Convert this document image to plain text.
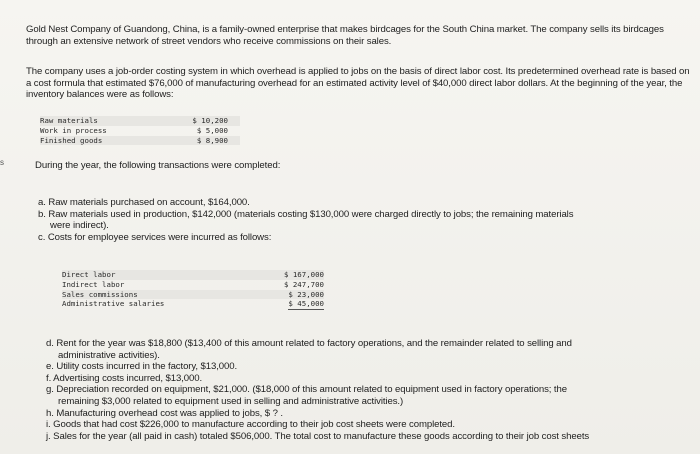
Gold Nest Company of Guandong, China, is a family-owned enterprise that makes birdcages for the South China market. The company sells its birdcages through an extensive network of street vendors who receive commissions on their sales.

The company uses a job-order costing system in which overhead is applied to jobs on the basis of direct labor cost. Its predetermined overhead rate is based on a cost formula that estimated $76,000 of manufacturing overhead for an estimated activity level of $40,000 direct labor dollars. At the beginning of the year, the inventory balances were as follows:

Raw materials	$ 10,200
Work in process	$ 5,000
Finished goods	$ 8,900
s	During the year, the following transactions were completed:

a. Raw materials purchased on account, $164,000.
b. Raw materials used in production, $142,000 (materials costing $130,000 were charged directly to jobs; the remaining materials
were indirect).
c. Costs for employee services were incurred as follows:
Direct labor	$ 167,000
Indirect labor	$ 247,700
Sales commissions	$ 23,000
Administrative salaries	$ 45,000
d. Rent for the year was $18,800 ($13,400 of this amount related to factory operations, and the remainder related to selling and
administrative activities).
e. Utility costs incurred in the factory, $13,000.
f. Advertising costs incurred, $13,000.
g. Depreciation recorded on equipment, $21,000. ($18,000 of this amount related to equipment used in factory operations; the
remaining $3,000 related to equipment used in selling and administrative activities.)
h. Manufacturing overhead cost was applied to jobs, $ ? .
i. Goods that had cost $226,000 to manufacture according to their job cost sheets were completed.
j. Sales for the year (all paid in cash) totaled $506,000. The total cost to manufacture these goods according to their job cost sheets
